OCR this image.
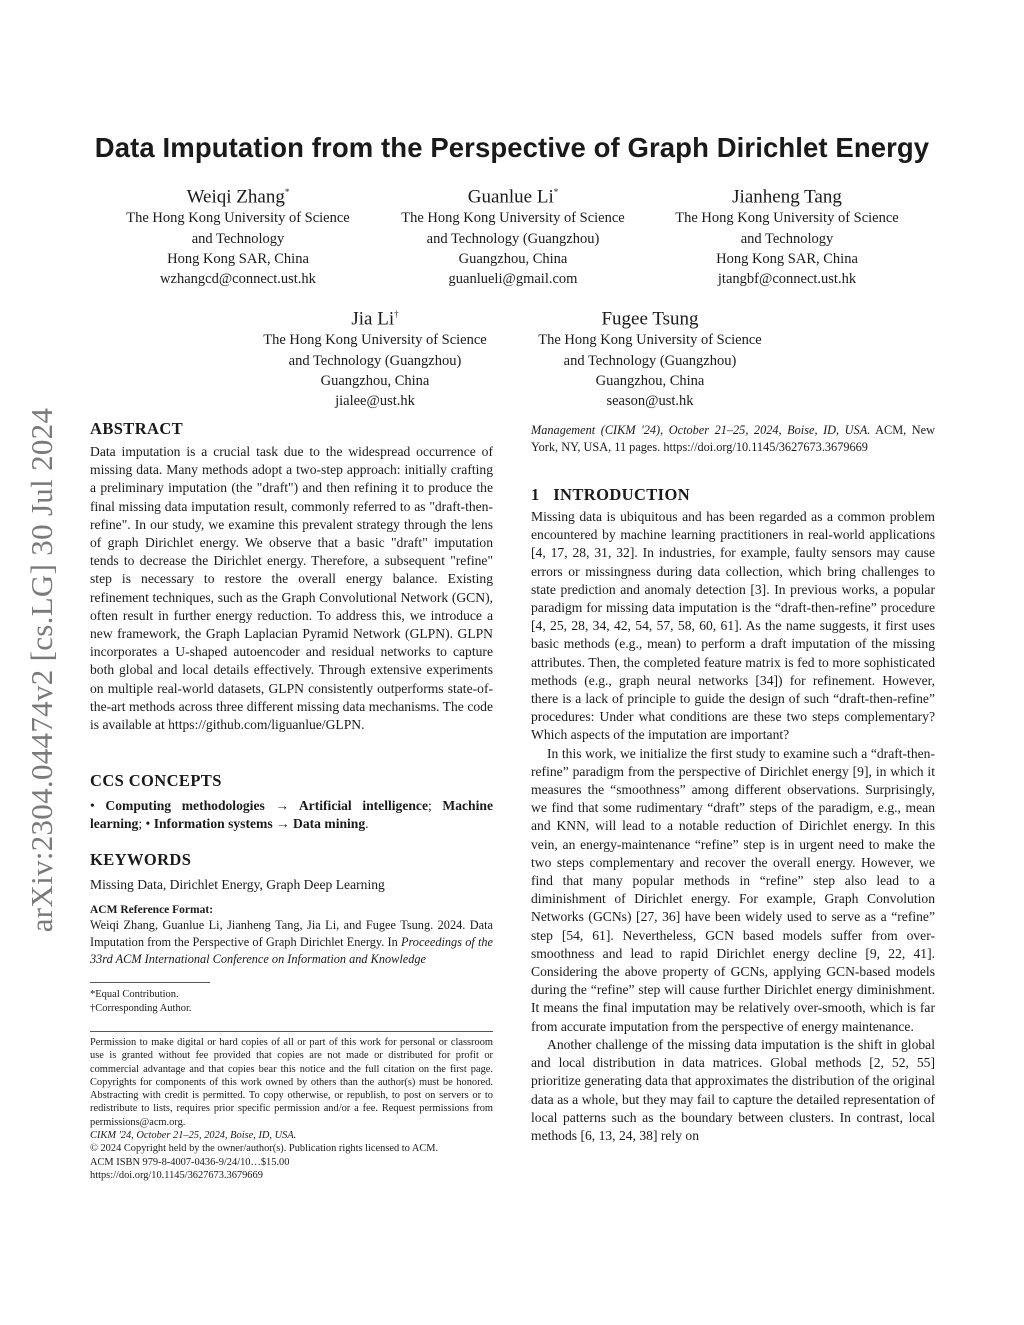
arXiv:2304.04474v2 [cs.LG] 30 Jul 2024
Data Imputation from the Perspective of Graph Dirichlet Energy
Weiqi Zhang*
The Hong Kong University of Science
and Technology
Hong Kong SAR, China
wzhangcd@connect.ust.hk
Guanlue Li*
The Hong Kong University of Science
and Technology (Guangzhou)
Guangzhou, China
guanlueli@gmail.com
Jianheng Tang
The Hong Kong University of Science
and Technology
Hong Kong SAR, China
jtangbf@connect.ust.hk
Jia Li†
The Hong Kong University of Science
and Technology (Guangzhou)
Guangzhou, China
jialee@ust.hk
Fugee Tsung
The Hong Kong University of Science
and Technology (Guangzhou)
Guangzhou, China
season@ust.hk
ABSTRACT

Data imputation is a crucial task due to the widespread occurrence of missing data. Many methods adopt a two-step approach: initially crafting a preliminary imputation (the "draft") and then refining it to produce the final missing data imputation result, commonly referred to as "draft-then-refine". In our study, we examine this prevalent strategy through the lens of graph Dirichlet energy. We observe that a basic "draft" imputation tends to decrease the Dirichlet energy. Therefore, a subsequent "refine" step is necessary to restore the overall energy balance. Existing refinement techniques, such as the Graph Convolutional Network (GCN), often result in further energy reduction. To address this, we introduce a new framework, the Graph Laplacian Pyramid Network (GLPN). GLPN incorporates a U-shaped autoencoder and residual networks to capture both global and local details effectively. Through extensive experiments on multiple real-world datasets, GLPN consistently outperforms state-of-the-art methods across three different missing data mechanisms. The code is available at https://github.com/liguanlue/GLPN.

CCS CONCEPTS

• Computing methodologies → Artificial intelligence; Machine learning; • Information systems → Data mining.

KEYWORDS

Missing Data, Dirichlet Energy, Graph Deep Learning

ACM Reference Format:
Weiqi Zhang, Guanlue Li, Jianheng Tang, Jia Li, and Fugee Tsung. 2024. Data Imputation from the Perspective of Graph Dirichlet Energy. In Proceedings of the 33rd ACM International Conference on Information and Knowledge
*Equal Contribution.
†Corresponding Author.
Permission to make digital or hard copies of all or part of this work for personal or classroom use is granted without fee provided that copies are not made or distributed for profit or commercial advantage and that copies bear this notice and the full citation on the first page. Copyrights for components of this work owned by others than the author(s) must be honored. Abstracting with credit is permitted. To copy otherwise, or republish, to post on servers or to redistribute to lists, requires prior specific permission and/or a fee. Request permissions from permissions@acm.org.
CIKM '24, October 21–25, 2024, Boise, ID, USA.
© 2024 Copyright held by the owner/author(s). Publication rights licensed to ACM.
ACM ISBN 979-8-4007-0436-9/24/10…$15.00
https://doi.org/10.1145/3627673.3679669
Management (CIKM '24), October 21–25, 2024, Boise, ID, USA. ACM, New York, NY, USA, 11 pages. https://doi.org/10.1145/3627673.3679669
1   INTRODUCTION

Missing data is ubiquitous and has been regarded as a common problem encountered by machine learning practitioners in real-world applications [4, 17, 28, 31, 32]. In industries, for example, faulty sensors may cause errors or missingness during data collection, which bring challenges to state prediction and anomaly detection [3]. In previous works, a popular paradigm for missing data imputation is the “draft-then-refine” procedure [4, 25, 28, 34, 42, 54, 57, 58, 60, 61]. As the name suggests, it first uses basic methods (e.g., mean) to perform a draft imputation of the missing attributes. Then, the completed feature matrix is fed to more sophisticated methods (e.g., graph neural networks [34]) for refinement. However, there is a lack of principle to guide the design of such “draft-then-refine” procedures: Under what conditions are these two steps complementary? Which aspects of the imputation are important?

In this work, we initialize the first study to examine such a “draft-then-refine” paradigm from the perspective of Dirichlet energy [9], in which it measures the “smoothness” among different observations. Surprisingly, we find that some rudimentary “draft” steps of the paradigm, e.g., mean and KNN, will lead to a notable reduction of Dirichlet energy. In this vein, an energy-maintenance “refine” step is in urgent need to make the two steps complementary and recover the overall energy. However, we find that many popular methods in “refine” step also lead to a diminishment of Dirichlet energy. For example, Graph Convolution Networks (GCNs) [27, 36] have been widely used to serve as a “refine” step [54, 61]. Nevertheless, GCN based models suffer from over-smoothness and lead to rapid Dirichlet energy decline [9, 22, 41]. Considering the above property of GCNs, applying GCN-based models during the “refine” step will cause further Dirichlet energy diminishment. It means the final imputation may be relatively over-smooth, which is far from accurate imputation from the perspective of energy maintenance.

Another challenge of the missing data imputation is the shift in global and local distribution in data matrices. Global methods [2, 52, 55] prioritize generating data that approximates the distribution of the original data as a whole, but they may fail to capture the detailed representation of local patterns such as the boundary between clusters. In contrast, local methods [6, 13, 24, 38] rely on
